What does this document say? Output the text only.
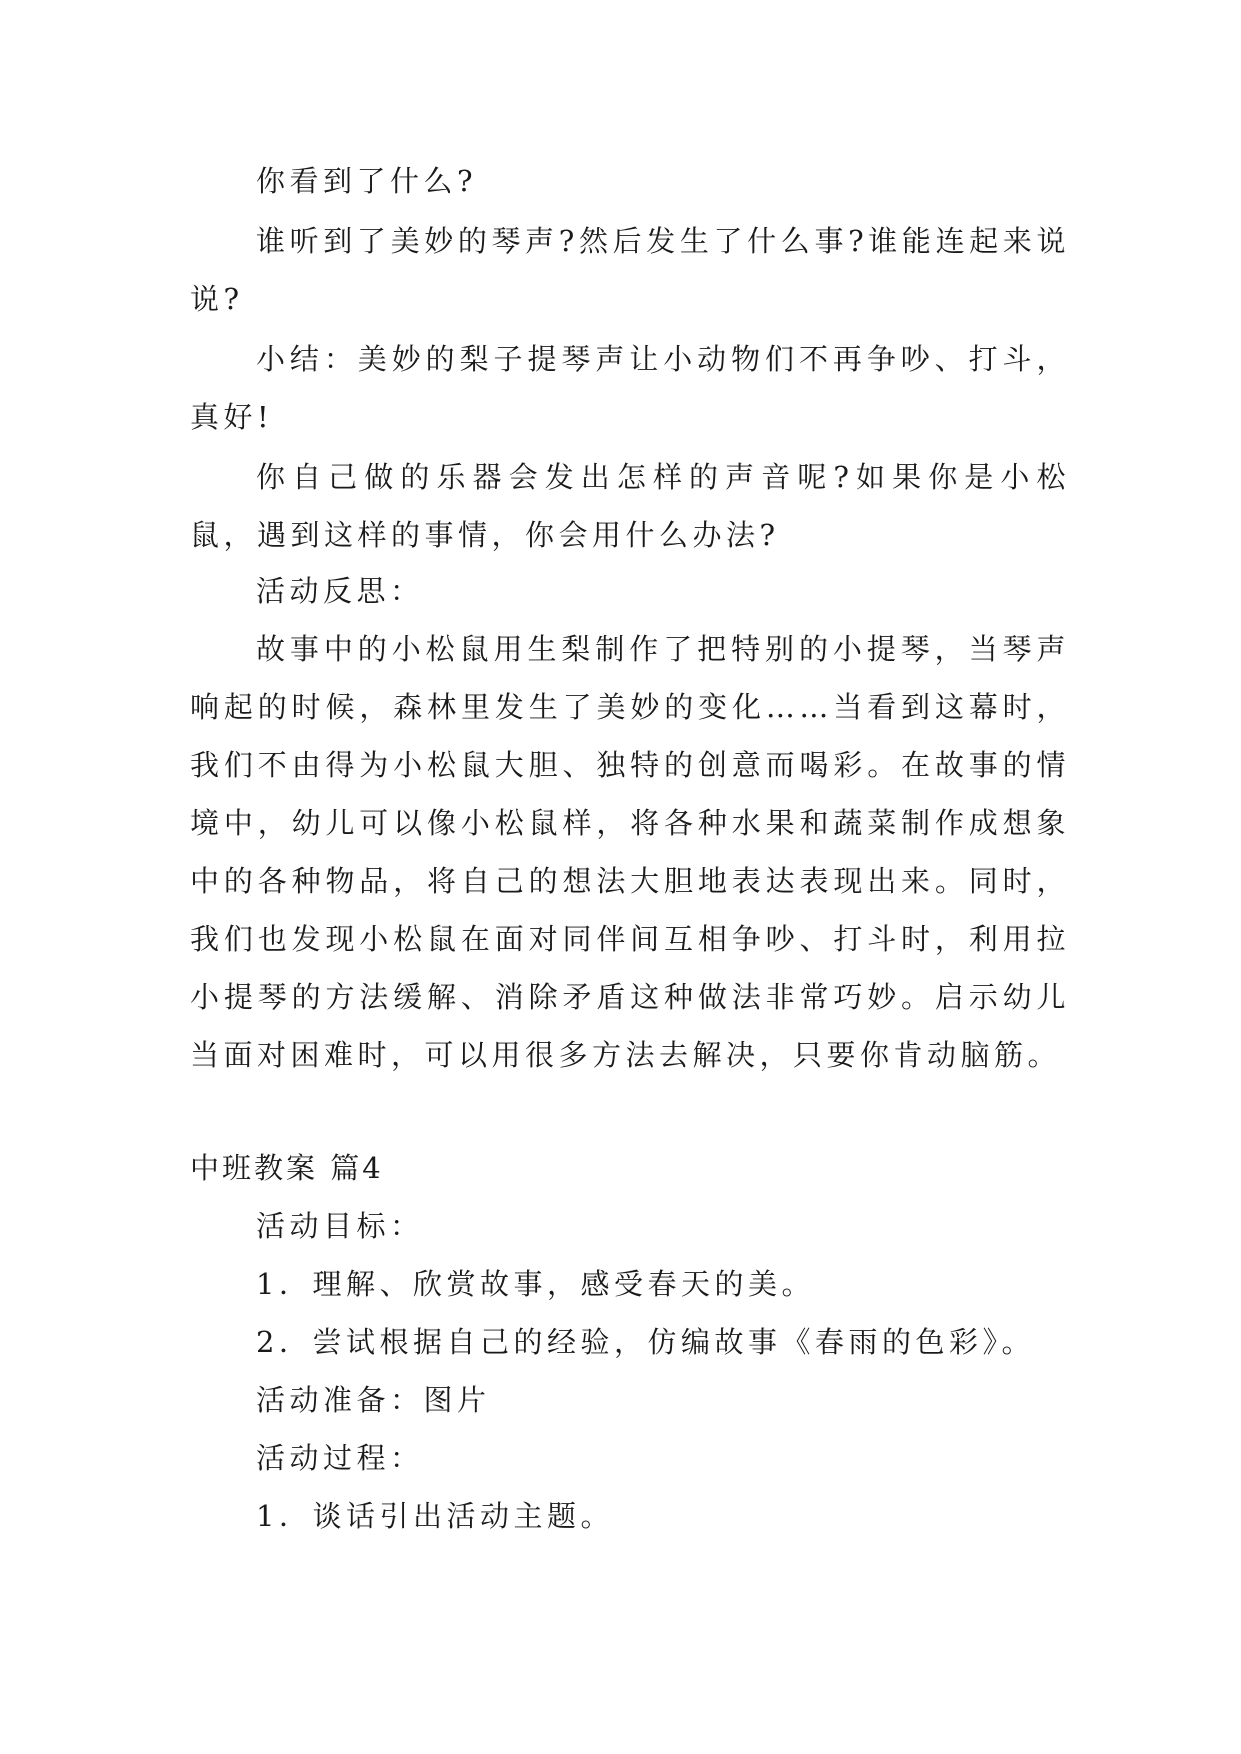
你看到了什么?

谁听到了美妙的琴声?然后发生了什么事?谁能连起来说说?

小结：美妙的梨子提琴声让小动物们不再争吵、打斗，真好!

你自己做的乐器会发出怎样的声音呢?如果你是小松鼠，遇到这样的事情，你会用什么办法?

活动反思：

故事中的小松鼠用生梨制作了把特别的小提琴，当琴声响起的时候，森林里发生了美妙的变化……当看到这幕时，我们不由得为小松鼠大胆、独特的创意而喝彩。在故事的情境中，幼儿可以像小松鼠样，将各种水果和蔬菜制作成想象中的各种物品，将自己的想法大胆地表达表现出来。同时，我们也发现小松鼠在面对同伴间互相争吵、打斗时，利用拉小提琴的方法缓解、消除矛盾这种做法非常巧妙。启示幼儿当面对困难时，可以用很多方法去解决，只要你肯动脑筋。

中班教案 篇4

活动目标：

1．理解、欣赏故事，感受春天的美。

2．尝试根据自己的经验，仿编故事《春雨的色彩》。

活动准备：图片

活动过程：

1．谈话引出活动主题。
